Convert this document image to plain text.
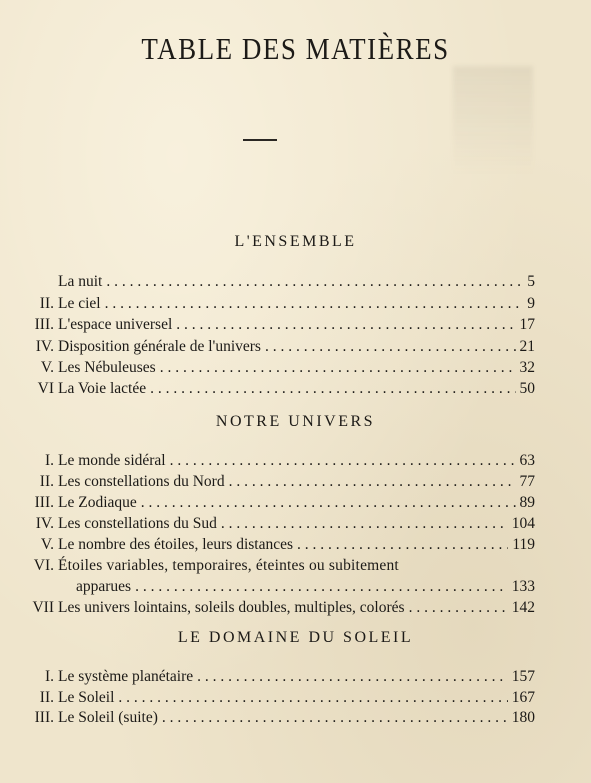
TABLE DES MATIÈRES
L'ENSEMBLE
La nuit . . .	5
II. Le ciel . . .	9
III. L'espace universel . . .	17
IV. Disposition générale de l'univers . . .	21
V. Les Nébuleuses . . .	32
VI La Voie lactée . . .	50
NOTRE UNIVERS
I. Le monde sidéral . . .	63
II. Les constellations du Nord . . .	77
III. Le Zodiaque . . .	89
IV. Les constellations du Sud . . .	104
V. Le nombre des étoiles, leurs distances . . .	119
VI. Étoiles variables, temporaires, éteintes ou subitement
apparues . . .	133
VII Les univers lointains, soleils doubles, multiples, colorés . . .	142
LE DOMAINE DU SOLEIL
I. Le système planétaire . . .	157
II. Le Soleil . . .	167
III. Le Soleil (suite) . . .	180
